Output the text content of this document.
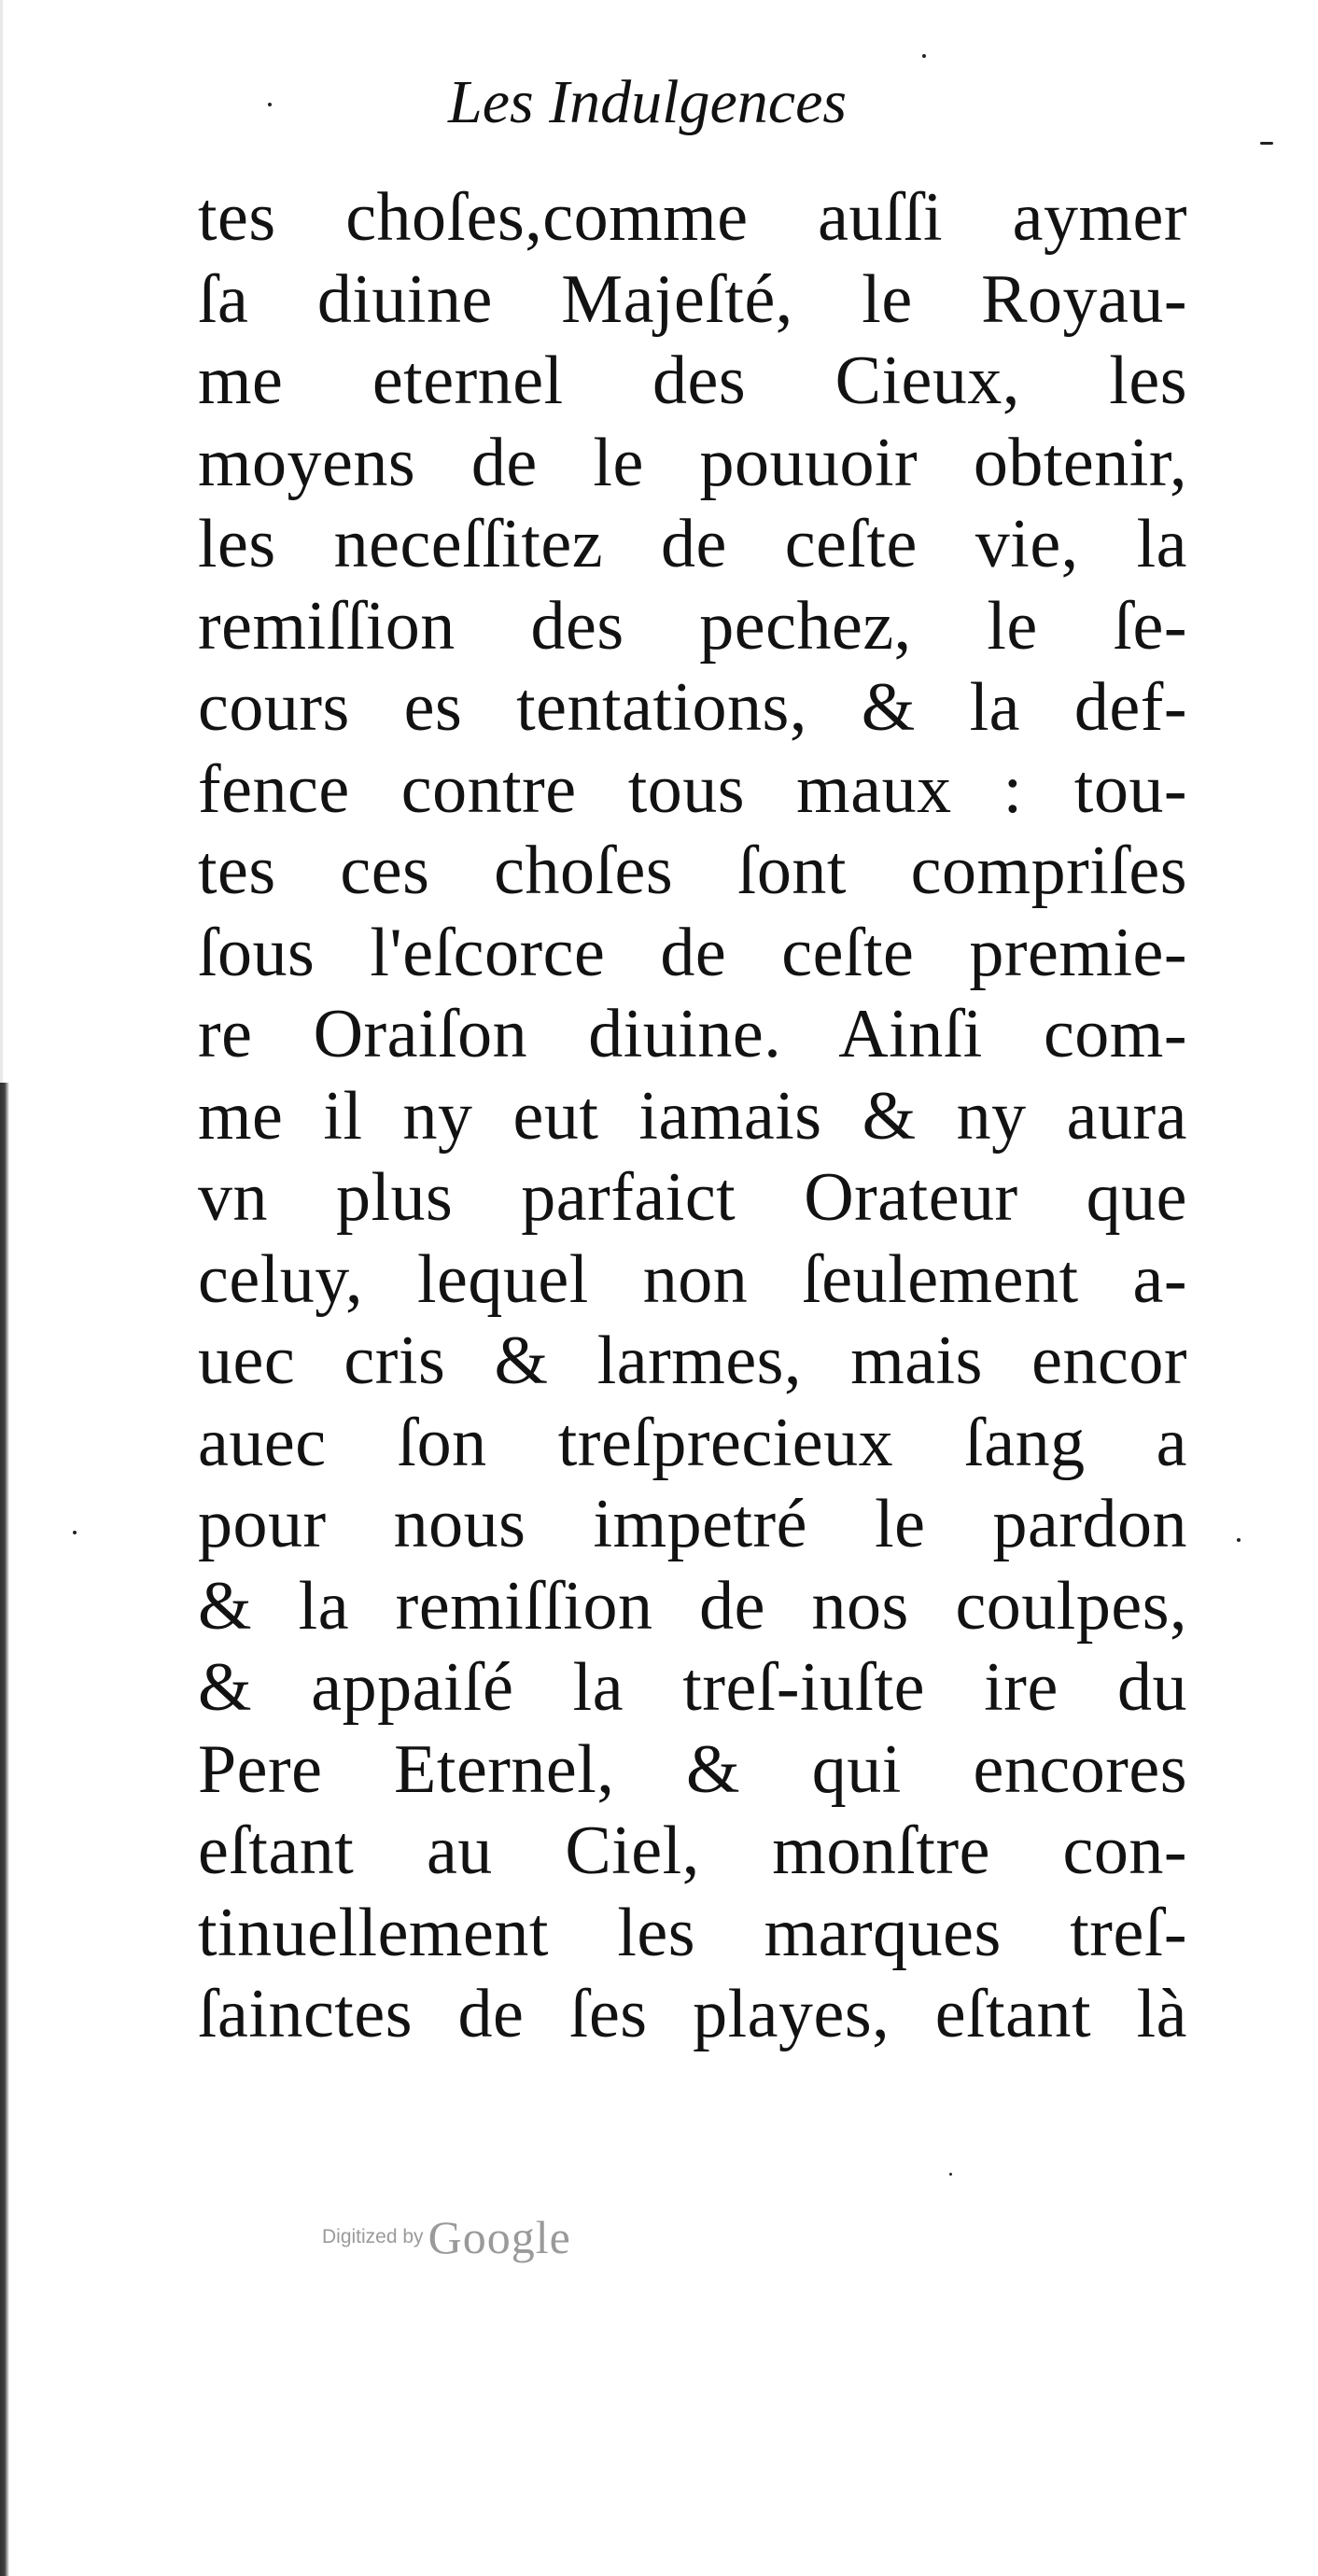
Les Indulgences
tes choſes,comme auſſi aymer
ſa diuine Majeſté, le Royau-
me eternel des Cieux, les
moyens de le pouuoir obtenir,
les neceſſitez de ceſte vie, la
remiſſion des pechez, le ſe-
cours es tentations, & la def-
fence contre tous maux : tou-
tes ces choſes ſont compriſes
ſous l'eſcorce de ceſte premie-
re Oraiſon diuine. Ainſi com-
me il ny eut iamais & ny aura
vn plus parfaict Orateur que
celuy, lequel non ſeulement a-
uec cris & larmes, mais encor
auec ſon treſprecieux ſang a
pour nous impetré le pardon
& la remiſſion de nos coulpes,
& appaiſé la treſ-iuſte ire du
Pere Eternel, & qui encores
eſtant au Ciel, monſtre con-
tinuellement les marques treſ-
ſainctes de ſes playes, eſtant là
Digitized by Google
